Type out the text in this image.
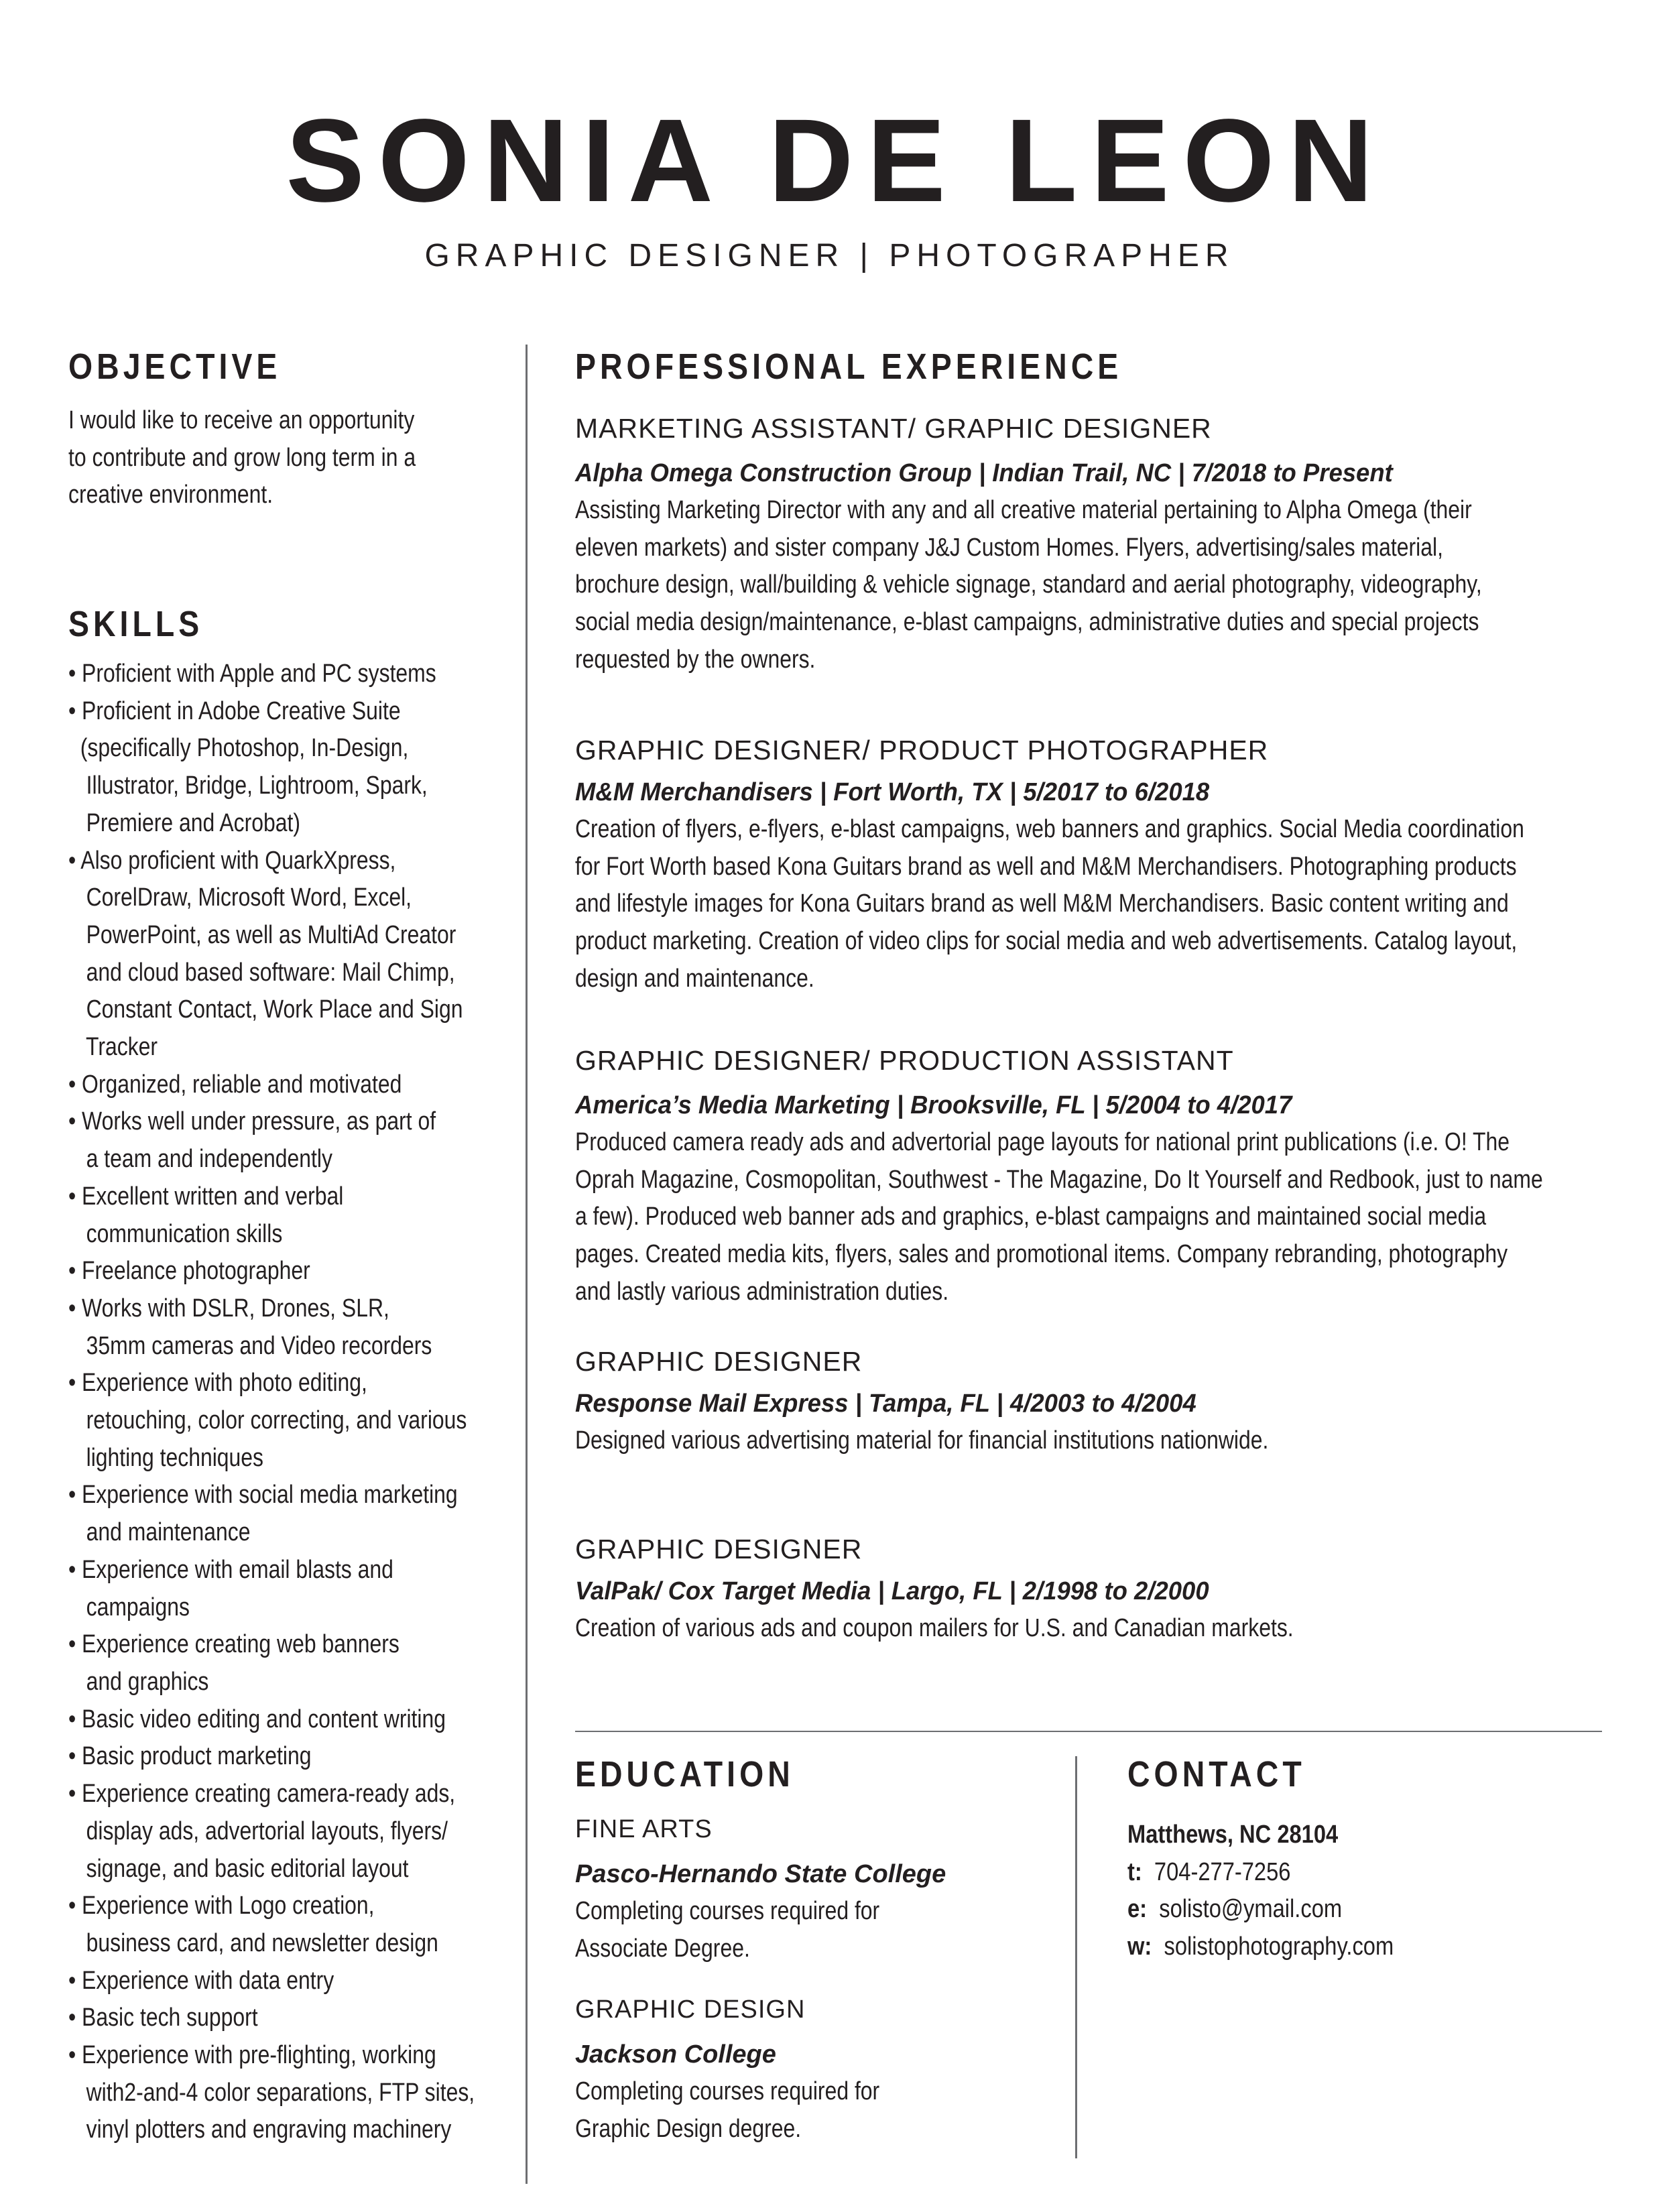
SONIA DE LEON
GRAPHIC DESIGNER | PHOTOGRAPHER
OBJECTIVE
I would like to receive an opportunity
to contribute and grow long term in a
creative environment.
SKILLS
• Proficient with Apple and PC systems
• Proficient in Adobe Creative Suite
(specifically Photoshop, In-Design,
Illustrator, Bridge, Lightroom, Spark,
Premiere and Acrobat)
• Also proficient with QuarkXpress,
CorelDraw, Microsoft Word, Excel,
PowerPoint, as well as MultiAd Creator
and cloud based software: Mail Chimp,
Constant Contact, Work Place and Sign
Tracker
• Organized, reliable and motivated
• Works well under pressure, as part of
a team and independently
• Excellent written and verbal
communication skills
• Freelance photographer
• Works with DSLR, Drones, SLR,
35mm cameras and Video recorders
• Experience with photo editing,
retouching, color correcting, and various
lighting techniques
• Experience with social media marketing
and maintenance
• Experience with email blasts and
campaigns
• Experience creating web banners
and graphics
• Basic video editing and content writing
• Basic product marketing
• Experience creating camera-ready ads,
display ads, advertorial layouts, flyers/
signage, and basic editorial layout
• Experience with Logo creation,
business card, and newsletter design
• Experience with data entry
• Basic tech support
• Experience with pre-flighting, working
with2-and-4 color separations, FTP sites,
vinyl plotters and engraving machinery
PROFESSIONAL EXPERIENCE
MARKETING ASSISTANT/ GRAPHIC DESIGNER
Alpha Omega Construction Group | Indian Trail, NC | 7/2018 to Present
Assisting Marketing Director with any and all creative material pertaining to Alpha Omega (their
eleven markets) and sister company J&J Custom Homes. Flyers, advertising/sales material,
brochure design, wall/building & vehicle signage, standard and aerial photography, videography,
social media design/maintenance, e-blast campaigns, administrative duties and special projects
requested by the owners.
GRAPHIC DESIGNER/ PRODUCT PHOTOGRAPHER
M&M Merchandisers | Fort Worth, TX | 5/2017 to 6/2018
Creation of flyers, e-flyers, e-blast campaigns, web banners and graphics. Social Media coordination
for Fort Worth based Kona Guitars brand as well and M&M Merchandisers. Photographing products
and lifestyle images for Kona Guitars brand as well M&M Merchandisers. Basic content writing and
product marketing. Creation of video clips for social media and web advertisements. Catalog layout,
design and maintenance.
GRAPHIC DESIGNER/ PRODUCTION ASSISTANT
America’s Media Marketing | Brooksville, FL | 5/2004 to 4/2017
Produced camera ready ads and advertorial page layouts for national print publications (i.e. O! The
Oprah Magazine, Cosmopolitan, Southwest - The Magazine, Do It Yourself and Redbook, just to name
a few). Produced web banner ads and graphics, e-blast campaigns and maintained social media
pages. Created media kits, flyers, sales and promotional items. Company rebranding, photography
and lastly various administration duties.
GRAPHIC DESIGNER
Response Mail Express | Tampa, FL | 4/2003 to 4/2004
Designed various advertising material for financial institutions nationwide.
GRAPHIC DESIGNER
ValPak/ Cox Target Media | Largo, FL | 2/1998 to 2/2000
Creation of various ads and coupon mailers for U.S. and Canadian markets.
EDUCATION
FINE ARTS
Pasco-Hernando State College
Completing courses required for
Associate Degree.
GRAPHIC DESIGN
Jackson College
Completing courses required for
Graphic Design degree.
CONTACT
Matthews, NC 28104
t: 704-277-7256
e: solisto@ymail.com
w: solistophotography.com
